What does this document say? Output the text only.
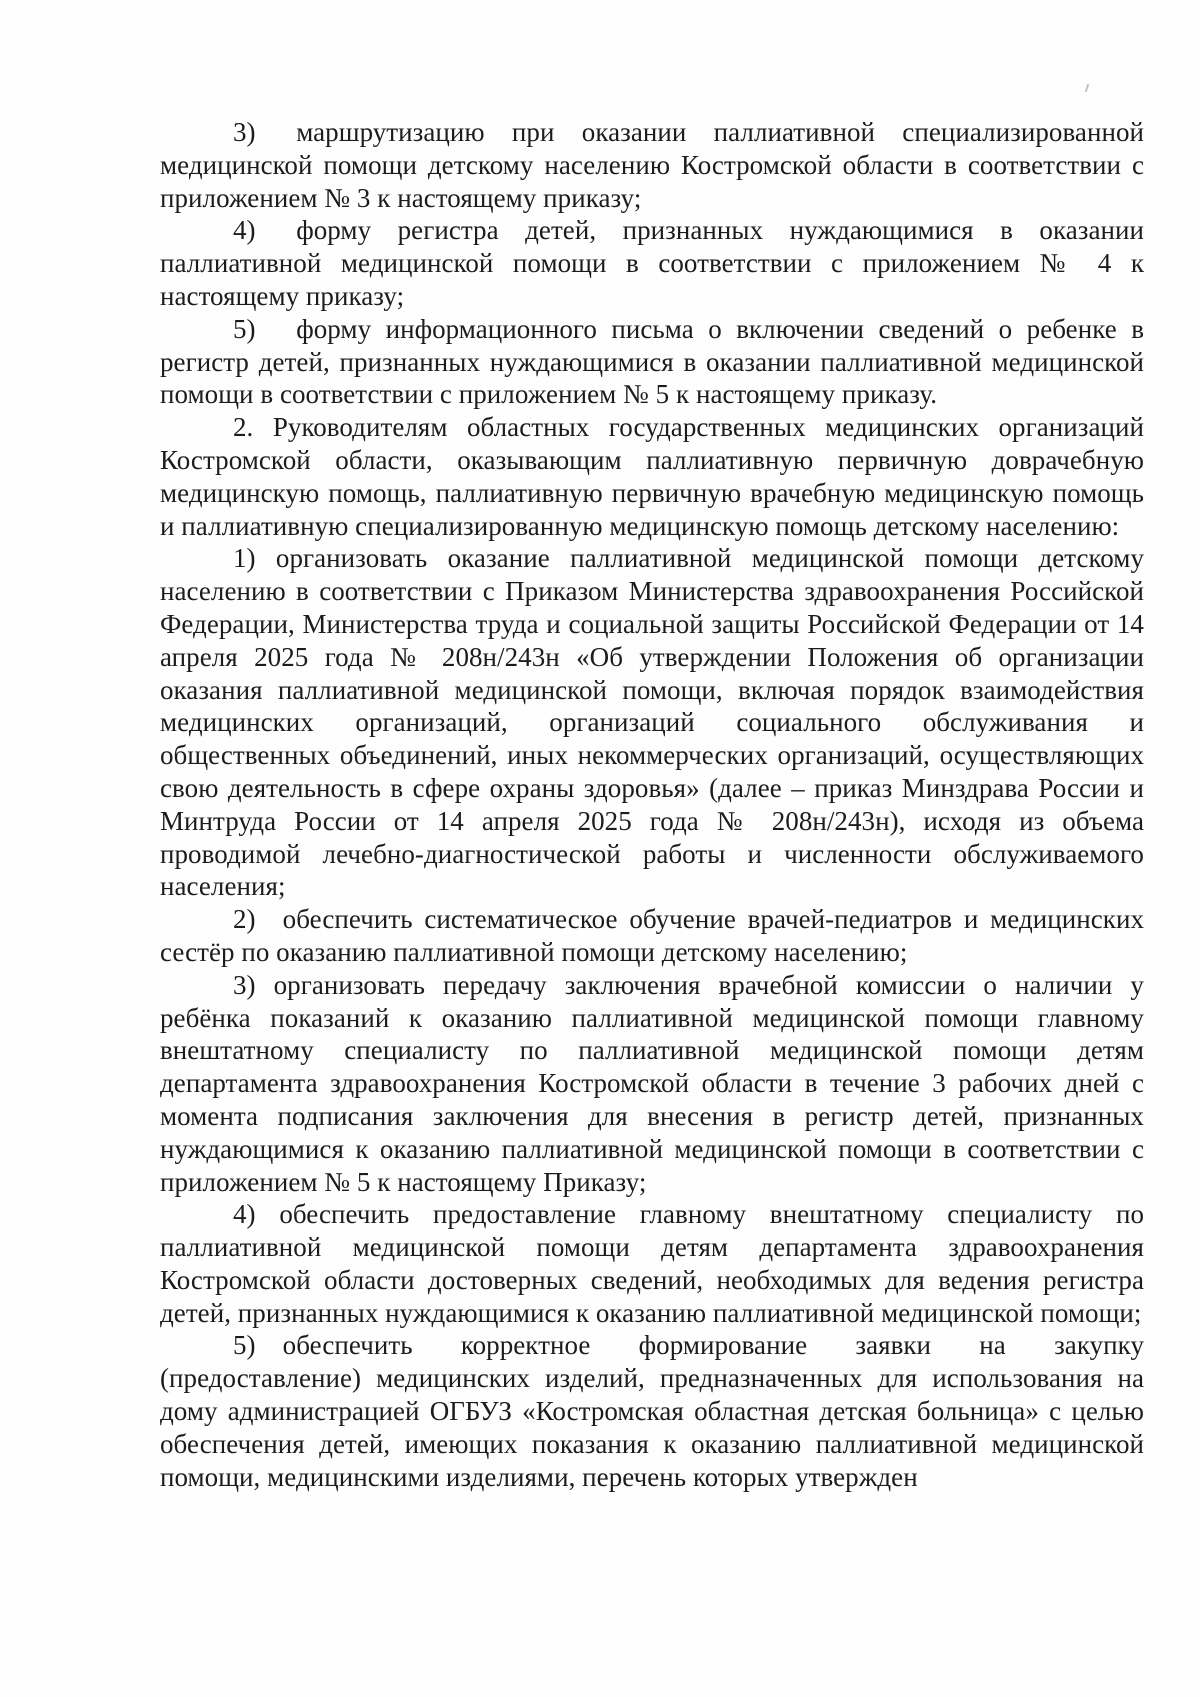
3)  маршрутизацию при оказании паллиативной специализированной медицинской помощи детскому населению Костромской области в соответствии с приложением № 3 к настоящему приказу;

4)  форму регистра детей, признанных нуждающимися в оказании паллиативной медицинской помощи в соответствии с приложением № 4 к настоящему приказу;

5)  форму информационного письма о включении сведений о ребенке в регистр детей, признанных нуждающимися в оказании паллиативной медицинской помощи в соответствии с приложением № 5 к настоящему приказу.

2. Руководителям областных государственных медицинских организаций Костромской области, оказывающим паллиативную первичную доврачебную медицинскую помощь, паллиативную первичную врачебную медицинскую помощь и паллиативную специализированную медицинскую помощь детскому населению:

1) организовать оказание паллиативной медицинской помощи детскому населению в соответствии с Приказом Министерства здравоохранения Российской Федерации, Министерства труда и социальной защиты Российской Федерации от 14 апреля 2025 года № 208н/243н «Об утверждении Положения об организации оказания паллиативной медицинской помощи, включая порядок взаимодействия медицинских организаций, организаций социального обслуживания и общественных объединений, иных некоммерческих организаций, осуществляющих свою деятельность в сфере охраны здоровья» (далее – приказ Минздрава России и Минтруда России от 14 апреля 2025 года № 208н/243н), исходя из объема проводимой лечебно-диагностической работы и численности обслуживаемого населения;

2) обеспечить систематическое обучение врачей-педиатров и медицинских сестёр по оказанию паллиативной помощи детскому населению;

3) организовать передачу заключения врачебной комиссии о наличии у ребёнка показаний к оказанию паллиативной медицинской помощи главному внештатному специалисту по паллиативной медицинской помощи детям департамента здравоохранения Костромской области в течение 3 рабочих дней с момента подписания заключения для внесения в регистр детей, признанных нуждающимися к оказанию паллиативной медицинской помощи в соответствии с приложением № 5 к настоящему Приказу;

4) обеспечить предоставление главному внештатному специалисту по паллиативной медицинской помощи детям департамента здравоохранения Костромской области достоверных сведений, необходимых для ведения регистра детей, признанных нуждающимися к оказанию паллиативной медицинской помощи;

5) обеспечить корректное формирование заявки на закупку (предоставление) медицинских изделий, предназначенных для использования на дому администрацией ОГБУЗ «Костромская областная детская больница» с целью обеспечения детей, имеющих показания к оказанию паллиативной медицинской помощи, медицинскими изделиями, перечень которых утвержден
